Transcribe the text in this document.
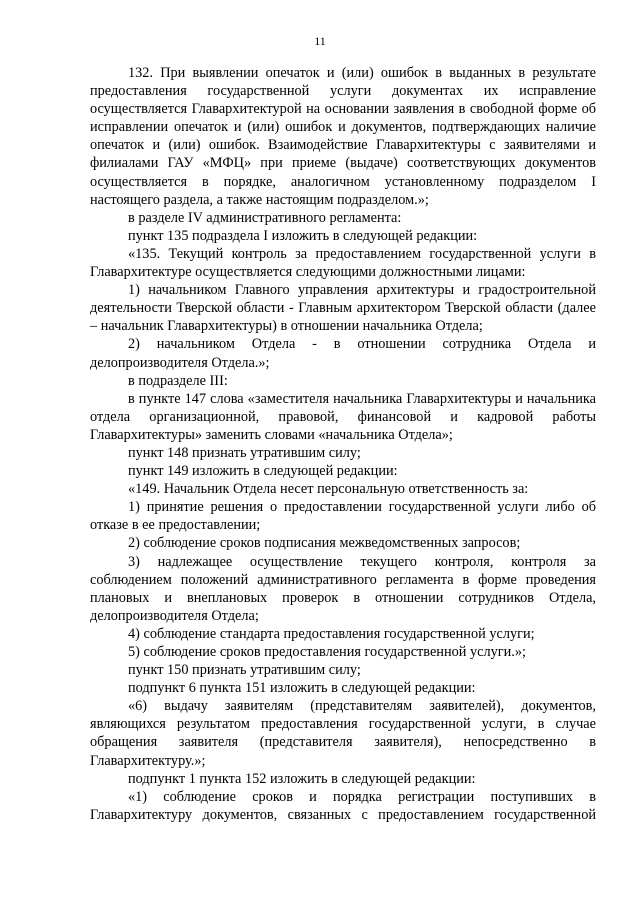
11

132. При выявлении опечаток и (или) ошибок в выданных в результате предоставления государственной услуги документах их исправление осуществляется Главархитектурой на основании заявления в свободной форме об исправлении опечаток и (или) ошибок и документов, подтверждающих наличие опечаток и (или) ошибок. Взаимодействие Главархитектуры с заявителями и филиалами ГАУ «МФЦ» при приеме (выдаче) соответствующих документов осуществляется в порядке, аналогичном установленному подразделом I настоящего раздела, а также настоящим подразделом.»;

в разделе IV административного регламента:

пункт 135 подраздела I изложить в следующей редакции:

«135. Текущий контроль за предоставлением государственной услуги в Главархитектуре осуществляется следующими должностными лицами:

1) начальником Главного управления архитектуры и градостроительной деятельности Тверской области - Главным архитектором Тверской области (далее – начальник Главархитектуры) в отношении начальника Отдела;

2) начальником Отдела - в отношении сотрудника Отдела и делопроизводителя Отдела.»;

в подразделе III:

в пункте 147 слова «заместителя начальника Главархитектуры и начальника отдела организационной, правовой, финансовой и кадровой работы Главархитектуры» заменить словами «начальника Отдела»;

пункт 148 признать утратившим силу;

пункт 149 изложить в следующей редакции:

«149. Начальник Отдела несет персональную ответственность за:

1) принятие решения о предоставлении государственной услуги либо об отказе в ее предоставлении;

2) соблюдение сроков подписания межведомственных запросов;

3) надлежащее осуществление текущего контроля, контроля за соблюдением положений административного регламента в форме проведения плановых и внеплановых проверок в отношении сотрудников Отдела, делопроизводителя Отдела;

4) соблюдение стандарта предоставления государственной услуги;

5) соблюдение сроков предоставления государственной услуги.»;

пункт 150 признать утратившим силу;

подпункт 6 пункта 151 изложить в следующей редакции:

«6) выдачу заявителям (представителям заявителей), документов, являющихся результатом предоставления государственной услуги, в случае обращения заявителя (представителя заявителя), непосредственно в Главархитектуру.»;

подпункт 1 пункта 152 изложить в следующей редакции:

«1) соблюдение сроков и порядка регистрации поступивших в Главархитектуру документов, связанных с предоставлением государственной
